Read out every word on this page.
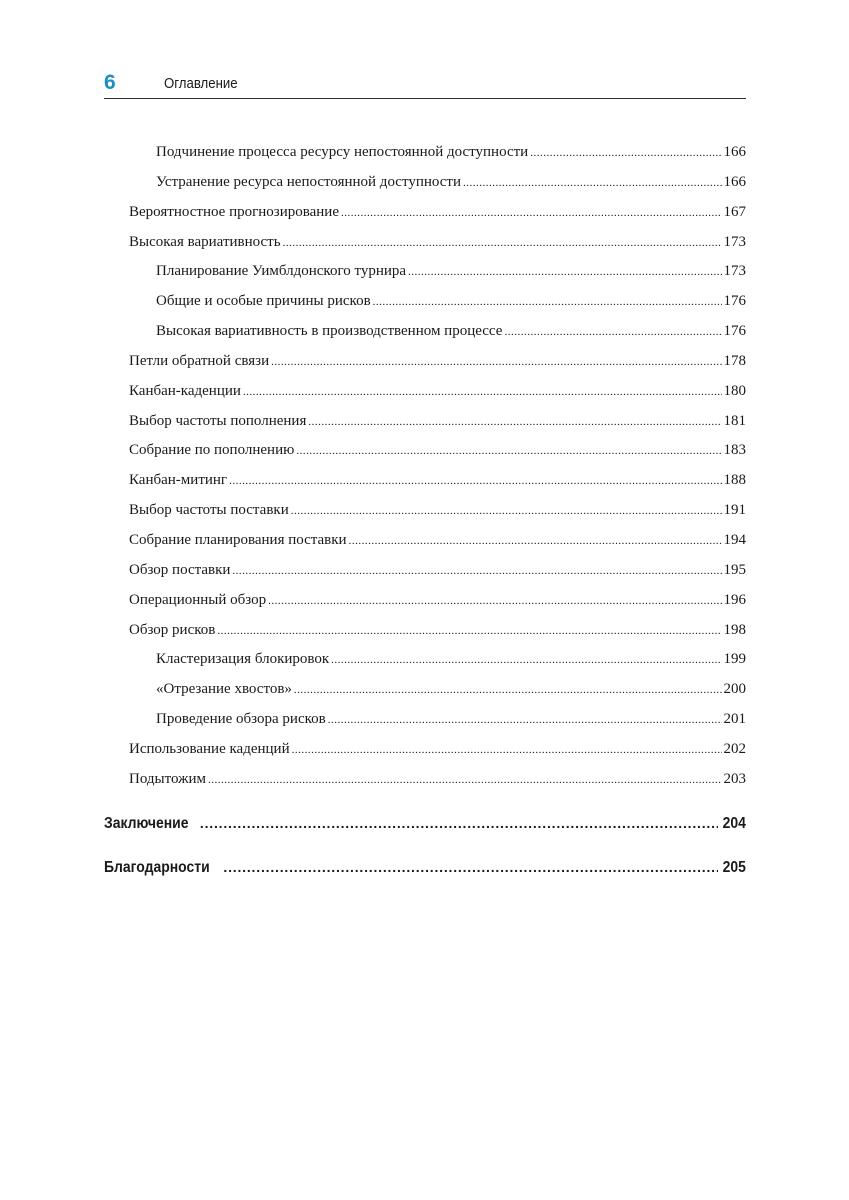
6	Оглавление
Подчинение процесса ресурсу непостоянной доступности .....	166
Устранение ресурса непостоянной доступности .....	166
Вероятностное прогнозирование .....	167
Высокая вариативность .....	173
Планирование Уимблдонского турнира .....	173
Общие и особые причины рисков .....	176
Высокая вариативность в производственном процессе .....	176
Петли обратной связи .....	178
Канбан-каденции .....	180
Выбор частоты пополнения .....	181
Собрание по пополнению .....	183
Канбан-митинг .....	188
Выбор частоты поставки .....	191
Собрание планирования поставки .....	194
Обзор поставки .....	195
Операционный обзор .....	196
Обзор рисков .....	198
Кластеризация блокировок .....	199
«Отрезание хвостов» .....	200
Проведение обзора рисков .....	201
Использование каденций .....	202
Подытожим .....	203
Заключение .....	204
Благодарности .....	205
